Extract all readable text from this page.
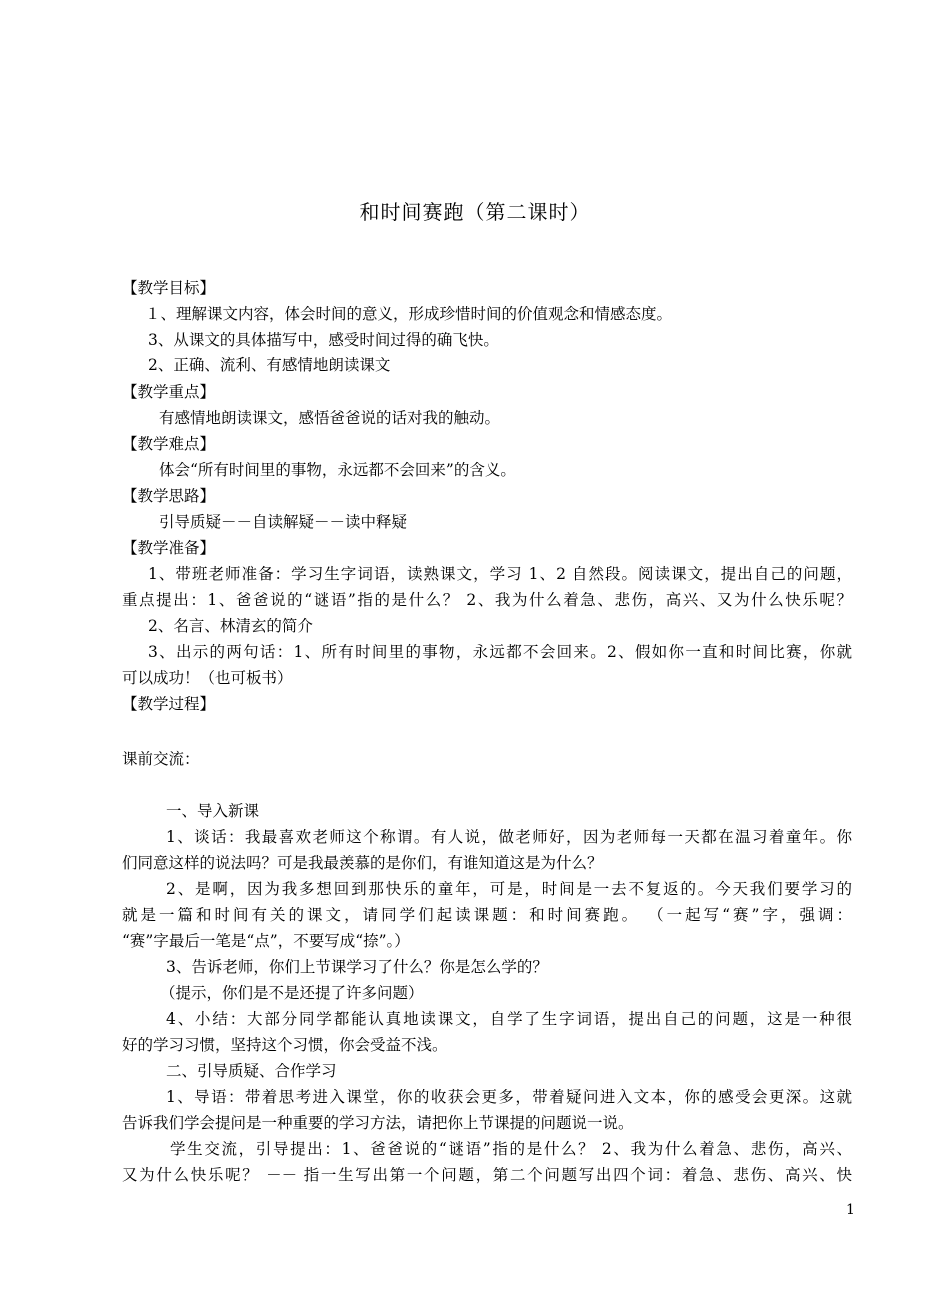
和时间赛跑（第二课时）
【教学目标】
１、理解课文内容，体会时间的意义，形成珍惜时间的价值观念和情感态度。
3、从课文的具体描写中，感受时间过得的确飞快。
2、正确、流利、有感情地朗读课文
【教学重点】
有感情地朗读课文，感悟爸爸说的话对我的触动。
【教学难点】
体会“所有时间里的事物，永远都不会回来”的含义。
【教学思路】
引导质疑－－自读解疑－－读中释疑
【教学准备】
1、带班老师准备：学习生字词语，读熟课文，学习 1、2 自然段。阅读课文，提出自己的问题，
重点提出：1、爸爸说的“谜语”指的是什么？ 2、我为什么着急、悲伤，高兴、又为什么快乐呢？
2、名言、林清玄的简介
3、出示的两句话：1、所有时间里的事物，永远都不会回来。2、假如你一直和时间比赛，你就
可以成功！（也可板书）
【教学过程】
课前交流：
一、导入新课
1、谈话：我最喜欢老师这个称谓。有人说，做老师好，因为老师每一天都在温习着童年。你
们同意这样的说法吗？可是我最羡慕的是你们，有谁知道这是为什么？
2、是啊，因为我多想回到那快乐的童年，可是，时间是一去不复返的。今天我们要学习的
就是一篇和时间有关的课文，请同学们起读课题：和时间赛跑。 （一起写“赛”字，强调：
“赛”字最后一笔是“点”，不要写成“捺”。）
3、告诉老师，你们上节课学习了什么？你是怎么学的？
（提示，你们是不是还提了许多问题）
4、小结：大部分同学都能认真地读课文，自学了生字词语，提出自己的问题，这是一种很
好的学习习惯，坚持这个习惯，你会受益不浅。
二、引导质疑、合作学习
1、导语：带着思考进入课堂，你的收获会更多，带着疑问进入文本，你的感受会更深。这就
告诉我们学会提问是一种重要的学习方法，请把你上节课提的问题说一说。
学生交流，引导提出：1、爸爸说的“谜语”指的是什么？ 2、我为什么着急、悲伤，高兴、
又为什么快乐呢？ －－ 指一生写出第一个问题，第二个问题写出四个词：着急、悲伤、高兴、快
1
